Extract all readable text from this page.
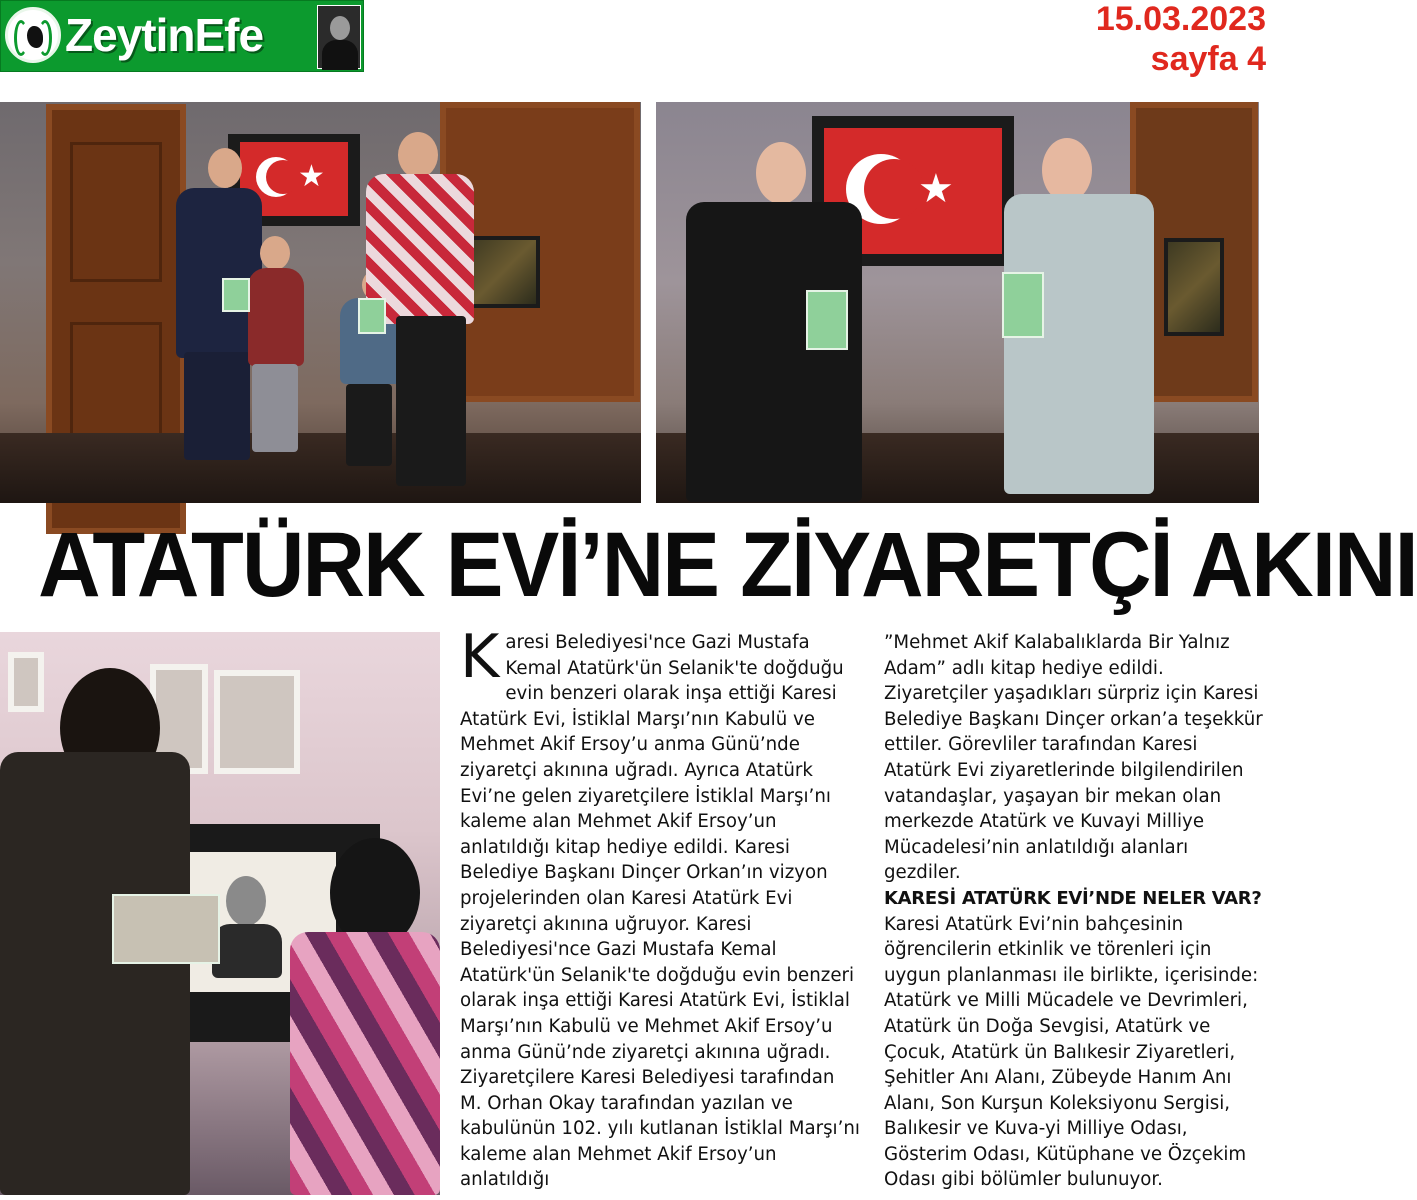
ZeytinEfe	15.03.2023
sayfa 4
★	★
ATATÜRK EVİ’NE ZİYARETÇİ AKINI
K aresi Belediyesi'nce Gazi Mustafa Kemal Atatürk'ün Selanik'te doğduğu evin benzeri olarak inşa ettiği Karesi Atatürk Evi, İstiklal Marşı’nın Kabulü ve Mehmet Akif Ersoy’u anma Günü’nde ziyaretçi akınına uğradı. Ayrıca Atatürk Evi’ne gelen ziyaretçilere İstiklal Marşı’nı kaleme alan Mehmet Akif Ersoy’un anlatıldığı kitap hediye edildi. Karesi Belediye Başkanı Dinçer Orkan’ın vizyon projelerinden olan Karesi Atatürk Evi ziyaretçi akınına uğruyor. Karesi Belediyesi'nce Gazi Mustafa Kemal Atatürk'ün Selanik'te doğduğu evin benzeri olarak inşa ettiği Karesi Atatürk Evi, İstiklal Marşı’nın Kabulü ve Mehmet Akif Ersoy’u anma Günü’nde ziyaretçi akınına uğradı. Ziyaretçilere Karesi Belediyesi tarafından M. Orhan Okay tarafından yazılan ve kabulünün 102. yılı kutlanan İstiklal Marşı’nı kaleme alan Mehmet Akif Ersoy’un anlatıldığı

”Mehmet Akif Kalabalıklarda Bir Yalnız Adam” adlı kitap hediye edildi. Ziyaretçiler yaşadıkları sürpriz için Karesi Belediye Başkanı Dinçer orkan’a teşekkür ettiler. Görevliler tarafından Karesi Atatürk Evi ziyaretlerinde bilgilendirilen vatandaşlar, yaşayan bir mekan olan merkezde Atatürk ve Kuvayi Milliye Mücadelesi’nin anlatıldığı alanları gezdiler.

KARESİ ATATÜRK EVİ’NDE NELER VAR?

Karesi Atatürk Evi’nin bahçesinin öğrencilerin etkinlik ve törenleri için uygun planlanması ile birlikte, içerisinde: Atatürk ve Milli Mücadele ve Devrimleri, Atatürk ün Doğa Sevgisi, Atatürk ve Çocuk, Atatürk ün Balıkesir Ziyaretleri, Şehitler Anı Alanı, Zübeyde Hanım Anı Alanı, Son Kurşun Koleksiyonu Sergisi, Balıkesir ve Kuva-yi Milliye Odası, Gösterim Odası, Kütüphane ve Özçekim Odası gibi bölümler bulunuyor.
